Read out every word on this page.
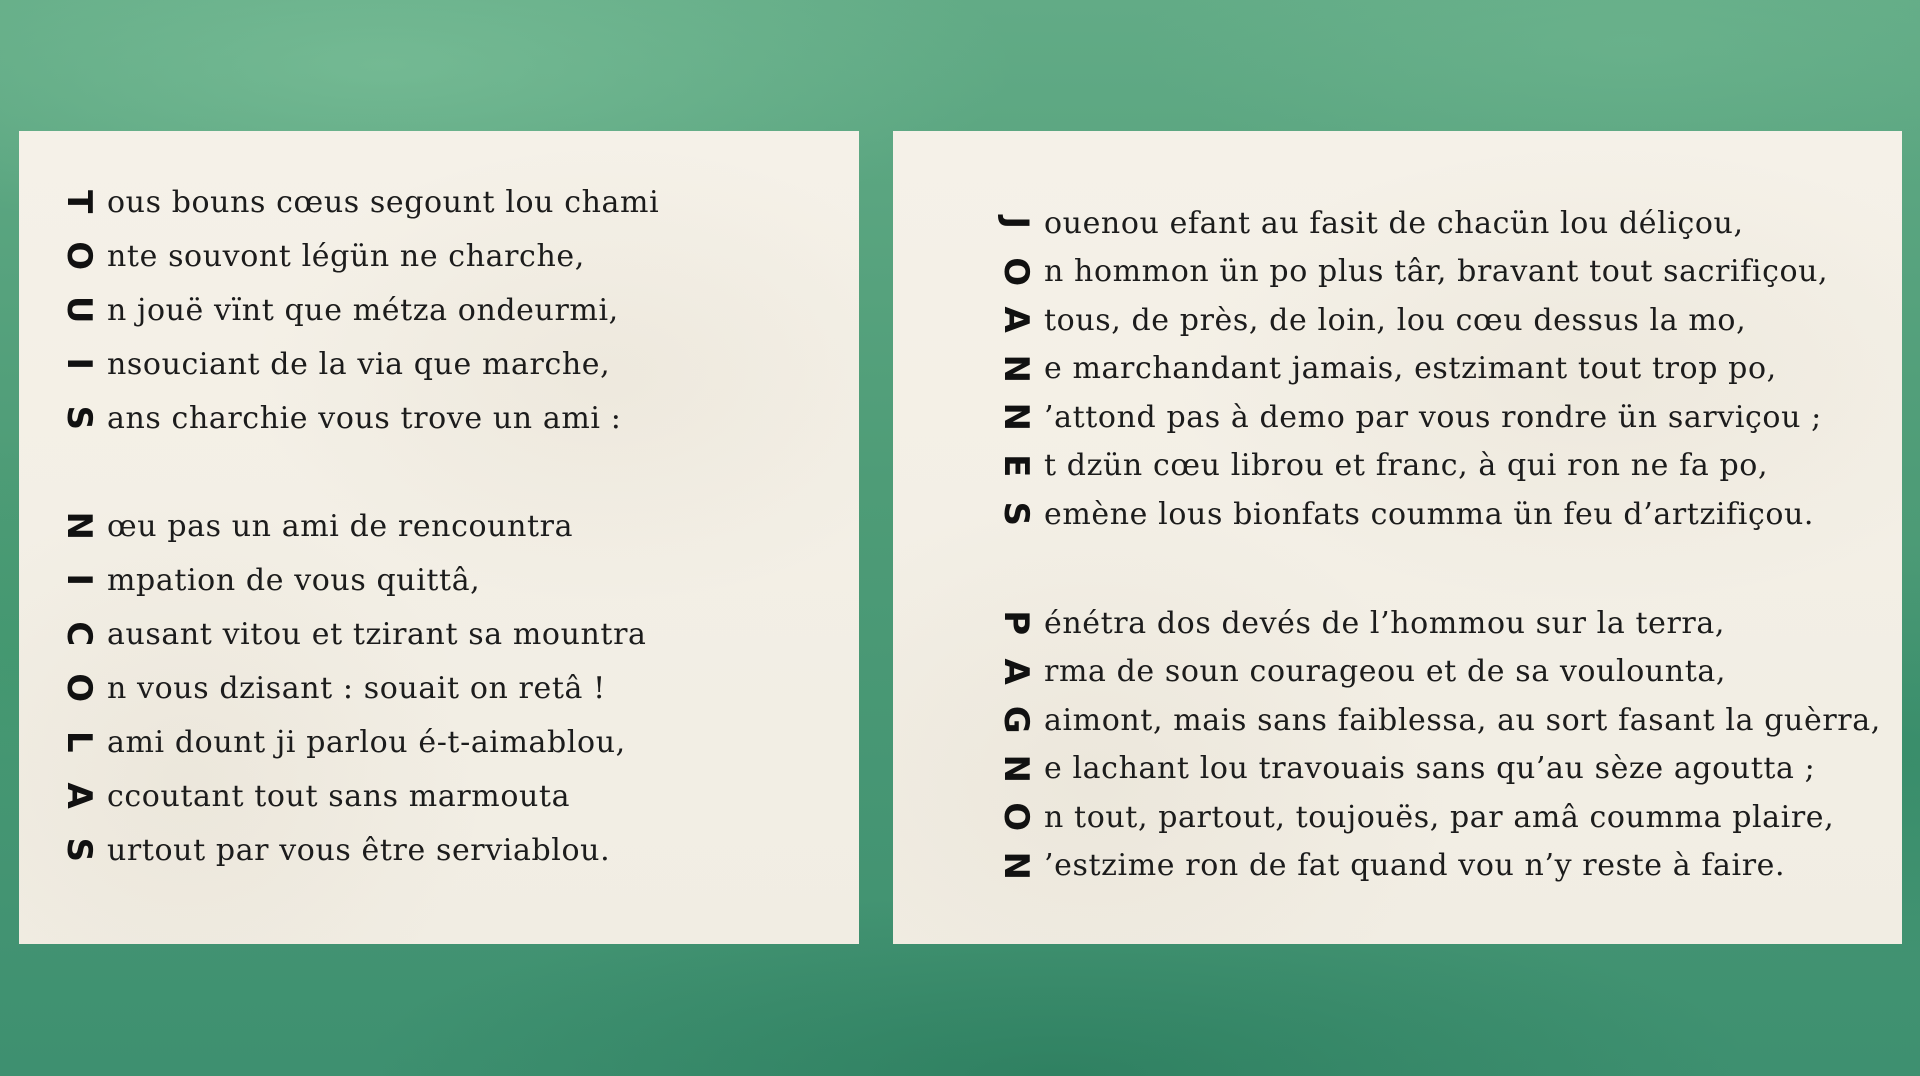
T ous bouns cœus segount lou chami
O nte souvont légün ne charche,
U n jouë vïnt que métza ondeurmi,
I nsouciant de la via que marche,
S ans charchie vous trove un ami :
N œu pas un ami de rencountra
I mpation de vous quittâ,
C ausant vitou et tzirant sa mountra
O n vous dzisant : souait on retâ !
L ami dount ji parlou é-t-aimablou,
A ccoutant tout sans marmouta
S urtout par vous être serviablou.
J ouenou efant au fasit de chacün lou déliçou,
O n hommon ün po plus târ, bravant tout sacrifiçou,
A tous, de près, de loin, lou cœu dessus la mo,
N e marchandant jamais, estzimant tout trop po,
N ’attond pas à demo par vous rondre ün sarviçou ;
E t dzün cœu librou et franc, à qui ron ne fa po,
S emène lous bionfats coumma ün feu d’artzifiçou.
P énétra dos devés de l’hommou sur la terra,
A rma de soun courageou et de sa voulounta,
G aimont, mais sans faiblessa, au sort fasant la guèrra,
N e lachant lou travouais sans qu’au sèze agoutta ;
O n tout, partout, toujouës, par amâ coumma plaire,
N ’estzime ron de fat quand vou n’y reste à faire.
